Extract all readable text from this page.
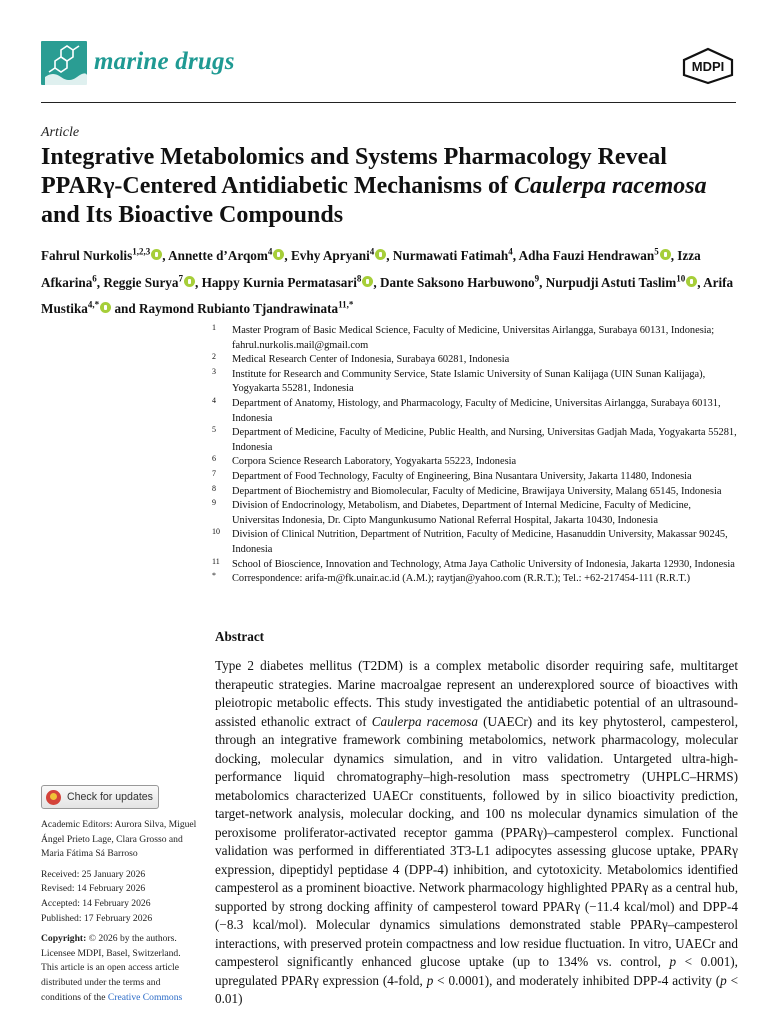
marine drugs	MDPI
Article
Integrative Metabolomics and Systems Pharmacology Reveal PPARγ-Centered Antidiabetic Mechanisms of Caulerpa racemosa and Its Bioactive Compounds
Fahrul Nurkolis$^{1,2,3}$ , Annette d’Arqom$^4$ , Evhy Apryani$^4$ , Nurmawati Fatimah$^4$, Adha Fauzi Hendrawan$^5$ , Izza Afkarina$^6$, Reggie Surya$^7$ , Happy Kurnia Permatasari$^8$ , Dante Saksono Harbuwono$^9$, Nurpudji Astuti Taslim$^{10}$ , Arifa Mustika$^{4,*}$ and Raymond Rubianto Tjandrawinata$^{11,*}$
1 Master Program of Basic Medical Science, Faculty of Medicine, Universitas Airlangga, Surabaya 60131, Indonesia; fahrul.nurkolis.mail@gmail.com
2 Medical Research Center of Indonesia, Surabaya 60281, Indonesia
3 Institute for Research and Community Service, State Islamic University of Sunan Kalijaga (UIN Sunan Kalijaga), Yogyakarta 55281, Indonesia
4 Department of Anatomy, Histology, and Pharmacology, Faculty of Medicine, Universitas Airlangga, Surabaya 60131, Indonesia
5 Department of Medicine, Faculty of Medicine, Public Health, and Nursing, Universitas Gadjah Mada, Yogyakarta 55281, Indonesia
6 Corpora Science Research Laboratory, Yogyakarta 55223, Indonesia
7 Department of Food Technology, Faculty of Engineering, Bina Nusantara University, Jakarta 11480, Indonesia
8 Department of Biochemistry and Biomolecular, Faculty of Medicine, Brawijaya University, Malang 65145, Indonesia
9 Division of Endocrinology, Metabolism, and Diabetes, Department of Internal Medicine, Faculty of Medicine, Universitas Indonesia, Dr. Cipto Mangunkusumo National Referral Hospital, Jakarta 10430, Indonesia
10 Division of Clinical Nutrition, Department of Nutrition, Faculty of Medicine, Hasanuddin University, Makassar 90245, Indonesia
11 School of Bioscience, Innovation and Technology, Atma Jaya Catholic University of Indonesia, Jakarta 12930, Indonesia
* Correspondence: arifa-m@fk.unair.ac.id (A.M.); raytjan@yahoo.com (R.R.T.); Tel.: +62-217454-111 (R.R.T.)
Check for updates
Academic Editors: Aurora Silva, Miguel Ángel Prieto Lage, Clara Grosso and Maria Fátima Sá Barroso
Received: 25 January 2026
Revised: 14 February 2026
Accepted: 14 February 2026
Published: 17 February 2026
Copyright: © 2026 by the authors. Licensee MDPI, Basel, Switzerland. This article is an open access article distributed under the terms and conditions of the Creative Commons
Abstract
Type 2 diabetes mellitus (T2DM) is a complex metabolic disorder requiring safe, multitarget therapeutic strategies. Marine macroalgae represent an underexplored source of bioactives with pleiotropic metabolic effects. This study investigated the antidiabetic potential of an ultrasound-assisted ethanolic extract of Caulerpa racemosa (UAECr) and its key phytosterol, campesterol, through an integrative framework combining metabolomics, network pharmacology, molecular docking, molecular dynamics simulation, and in vitro validation. Untargeted ultra-high-performance liquid chromatography–high-resolution mass spectrometry (UHPLC–HRMS) metabolomics characterized UAECr constituents, followed by in silico bioactivity prediction, target-network analysis, molecular docking, and 100 ns molecular dynamics simulation of the peroxisome proliferator-activated receptor gamma (PPARγ)–campesterol complex. Functional validation was performed in differentiated 3T3-L1 adipocytes assessing glucose uptake, PPARγ expression, dipeptidyl peptidase 4 (DPP-4) inhibition, and cytotoxicity. Metabolomics identified campesterol as a prominent bioactive. Network pharmacology highlighted PPARγ as a central hub, supported by strong docking affinity of campesterol toward PPARγ (−11.4 kcal/mol) and DPP-4 (−8.3 kcal/mol). Molecular dynamics simulations demonstrated stable PPARγ–campesterol interactions, with preserved protein compactness and low residue fluctuation. In vitro, UAECr and campesterol significantly enhanced glucose uptake (up to 134% vs. control, p < 0.001), upregulated PPARγ expression (4-fold, p < 0.0001), and moderately inhibited DPP-4 activity (p < 0.01)
